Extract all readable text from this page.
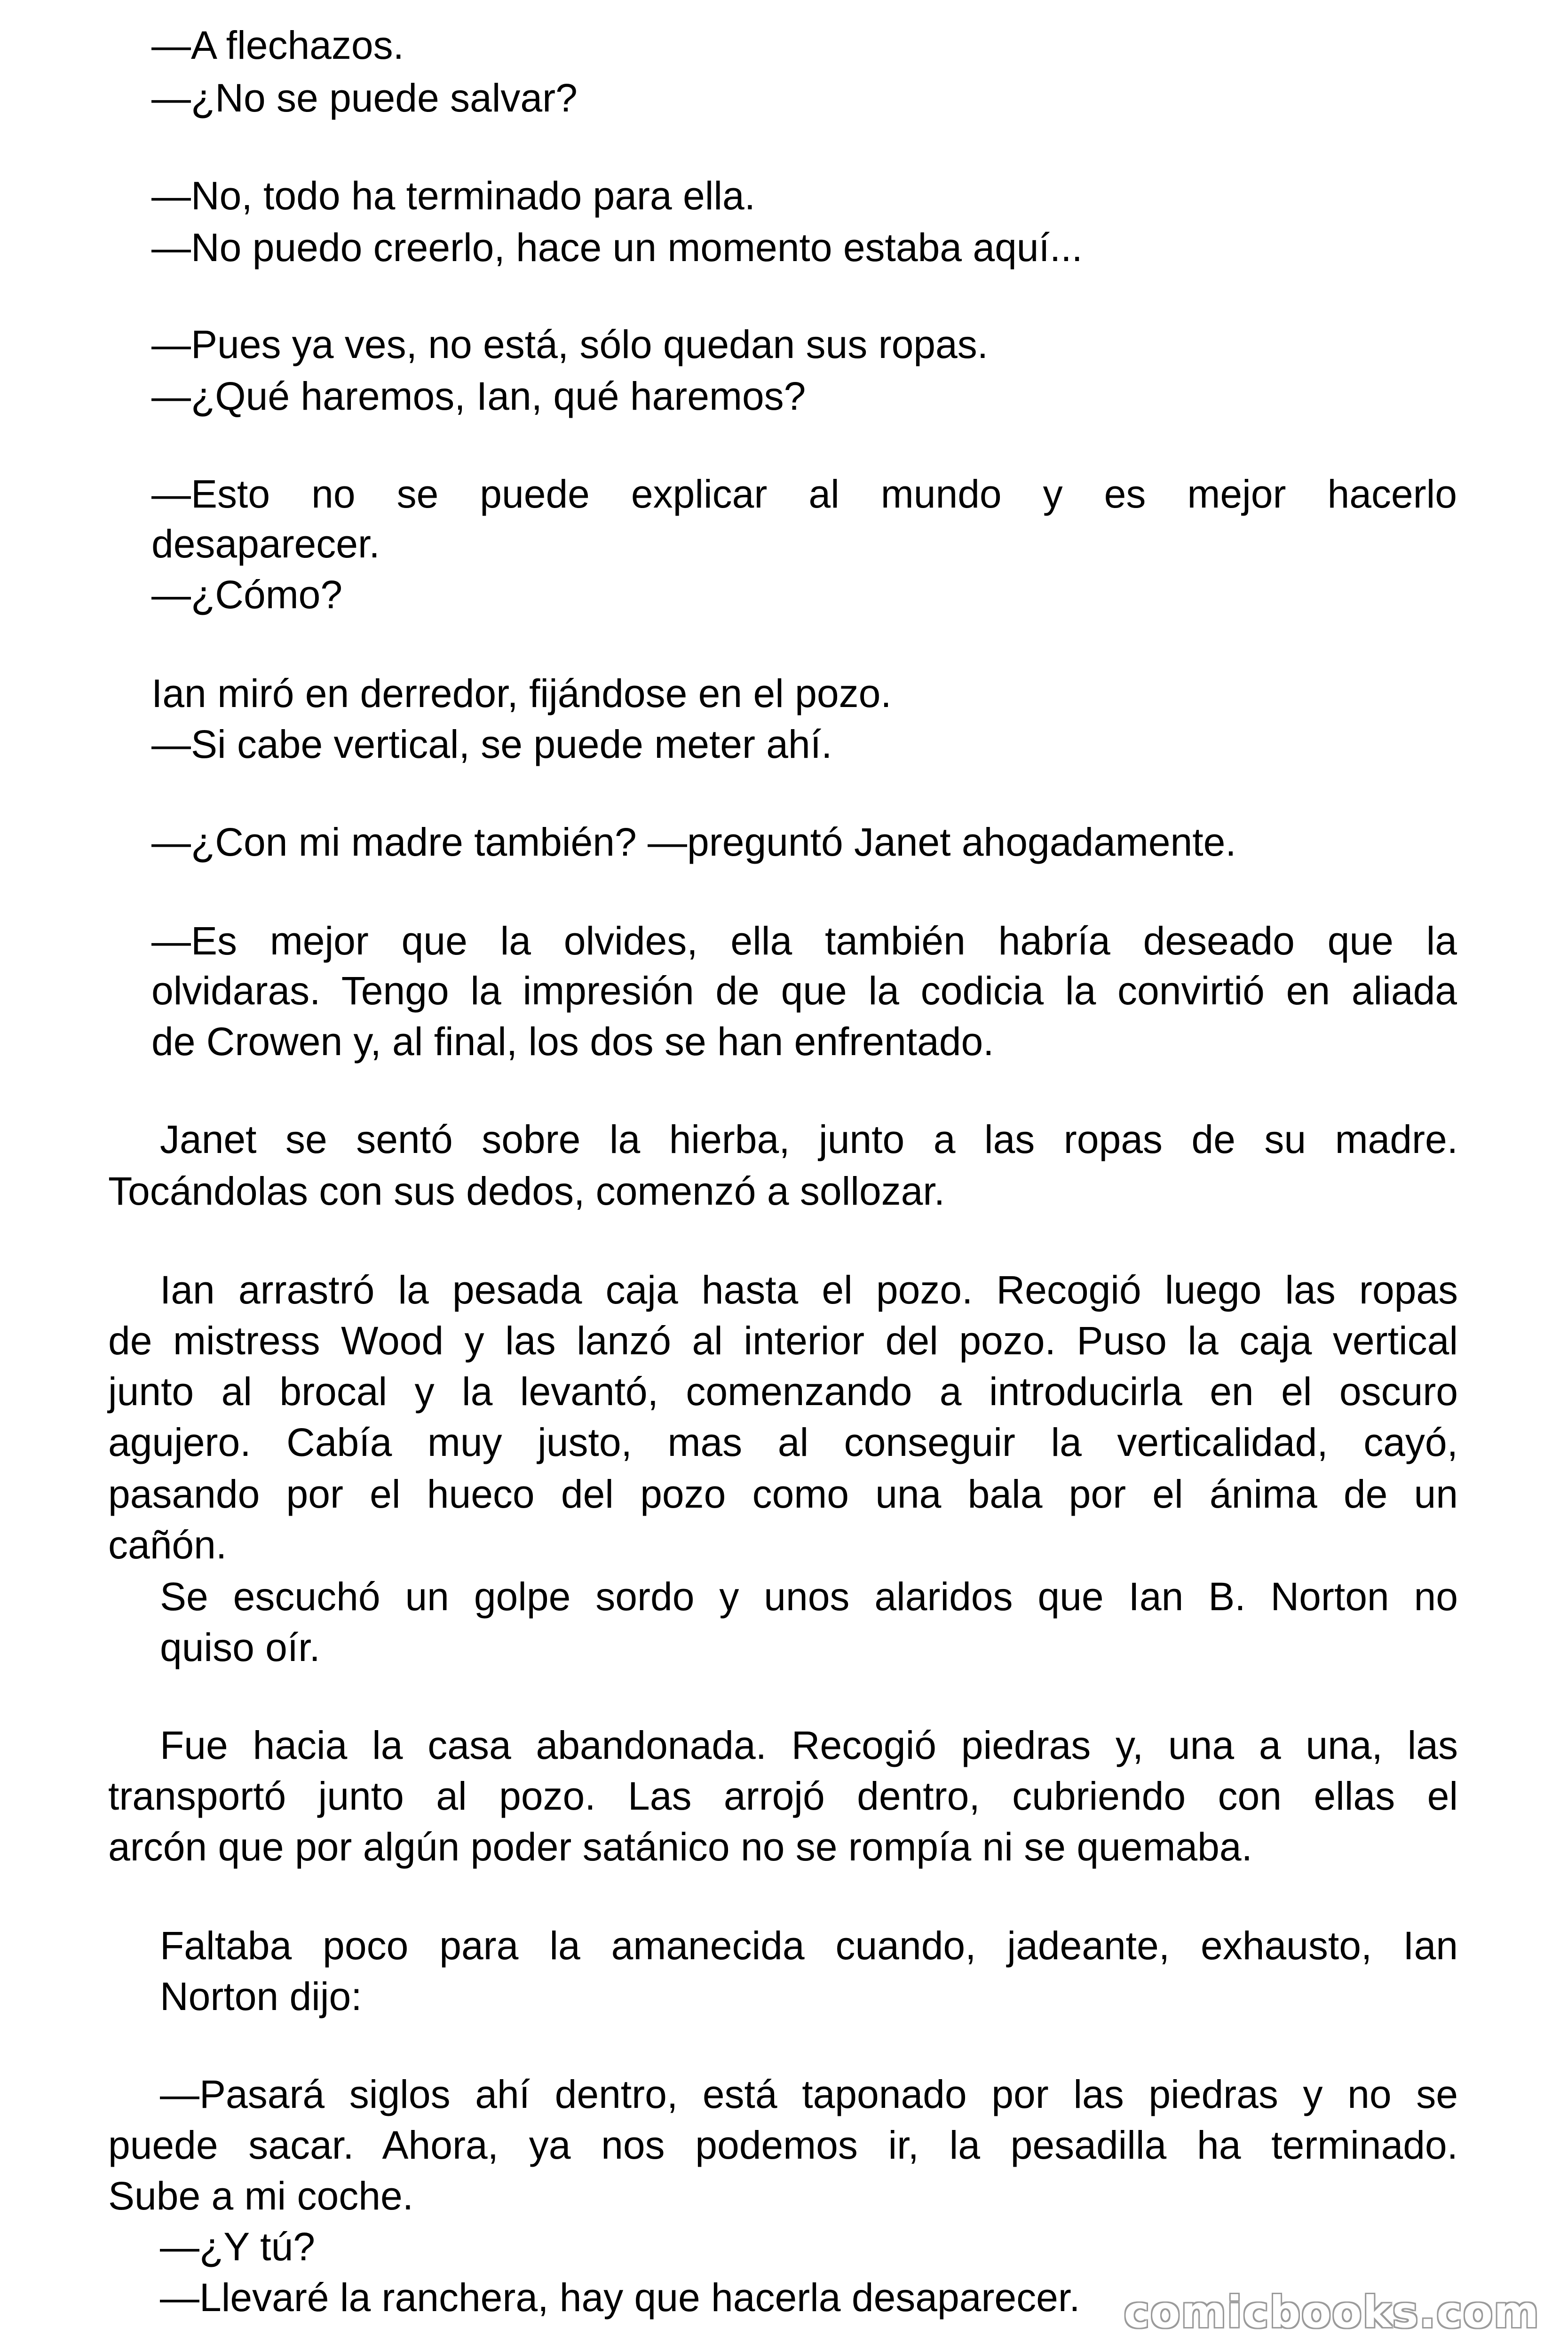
—A flechazos.
—¿No se puede salvar?
—No, todo ha terminado para ella.
—No puedo creerlo, hace un momento estaba aquí...
—Pues ya ves, no está, sólo quedan sus ropas.
—¿Qué haremos, Ian, qué haremos?
—Esto no se puede explicar al mundo y es mejor hacerlo
desaparecer.
—¿Cómo?
Ian miró en derredor, fijándose en el pozo.
—Si cabe vertical, se puede meter ahí.
—¿Con mi madre también? —preguntó Janet ahogadamente.
—Es mejor que la olvides, ella también habría deseado que la
olvidaras. Tengo la impresión de que la codicia la convirtió en aliada
de Crowen y, al final, los dos se han enfrentado.
Janet se sentó sobre la hierba, junto a las ropas de su madre.
Tocándolas con sus dedos, comenzó a sollozar.
Ian arrastró la pesada caja hasta el pozo. Recogió luego las ropas
de mistress Wood y las lanzó al interior del pozo. Puso la caja vertical
junto al brocal y la levantó, comenzando a introducirla en el oscuro
agujero. Cabía muy justo, mas al conseguir la verticalidad, cayó,
pasando por el hueco del pozo como una bala por el ánima de un
cañón.
Se escuchó un golpe sordo y unos alaridos que Ian B. Norton no
quiso oír.
Fue hacia la casa abandonada. Recogió piedras y, una a una, las
transportó junto al pozo. Las arrojó dentro, cubriendo con ellas el
arcón que por algún poder satánico no se rompía ni se quemaba.
Faltaba poco para la amanecida cuando, jadeante, exhausto, Ian
Norton dijo:
—Pasará siglos ahí dentro, está taponado por las piedras y no se
puede sacar. Ahora, ya nos podemos ir, la pesadilla ha terminado.
Sube a mi coche.
—¿Y tú?
—Llevaré la ranchera, hay que hacerla desaparecer. comicbooks.com
